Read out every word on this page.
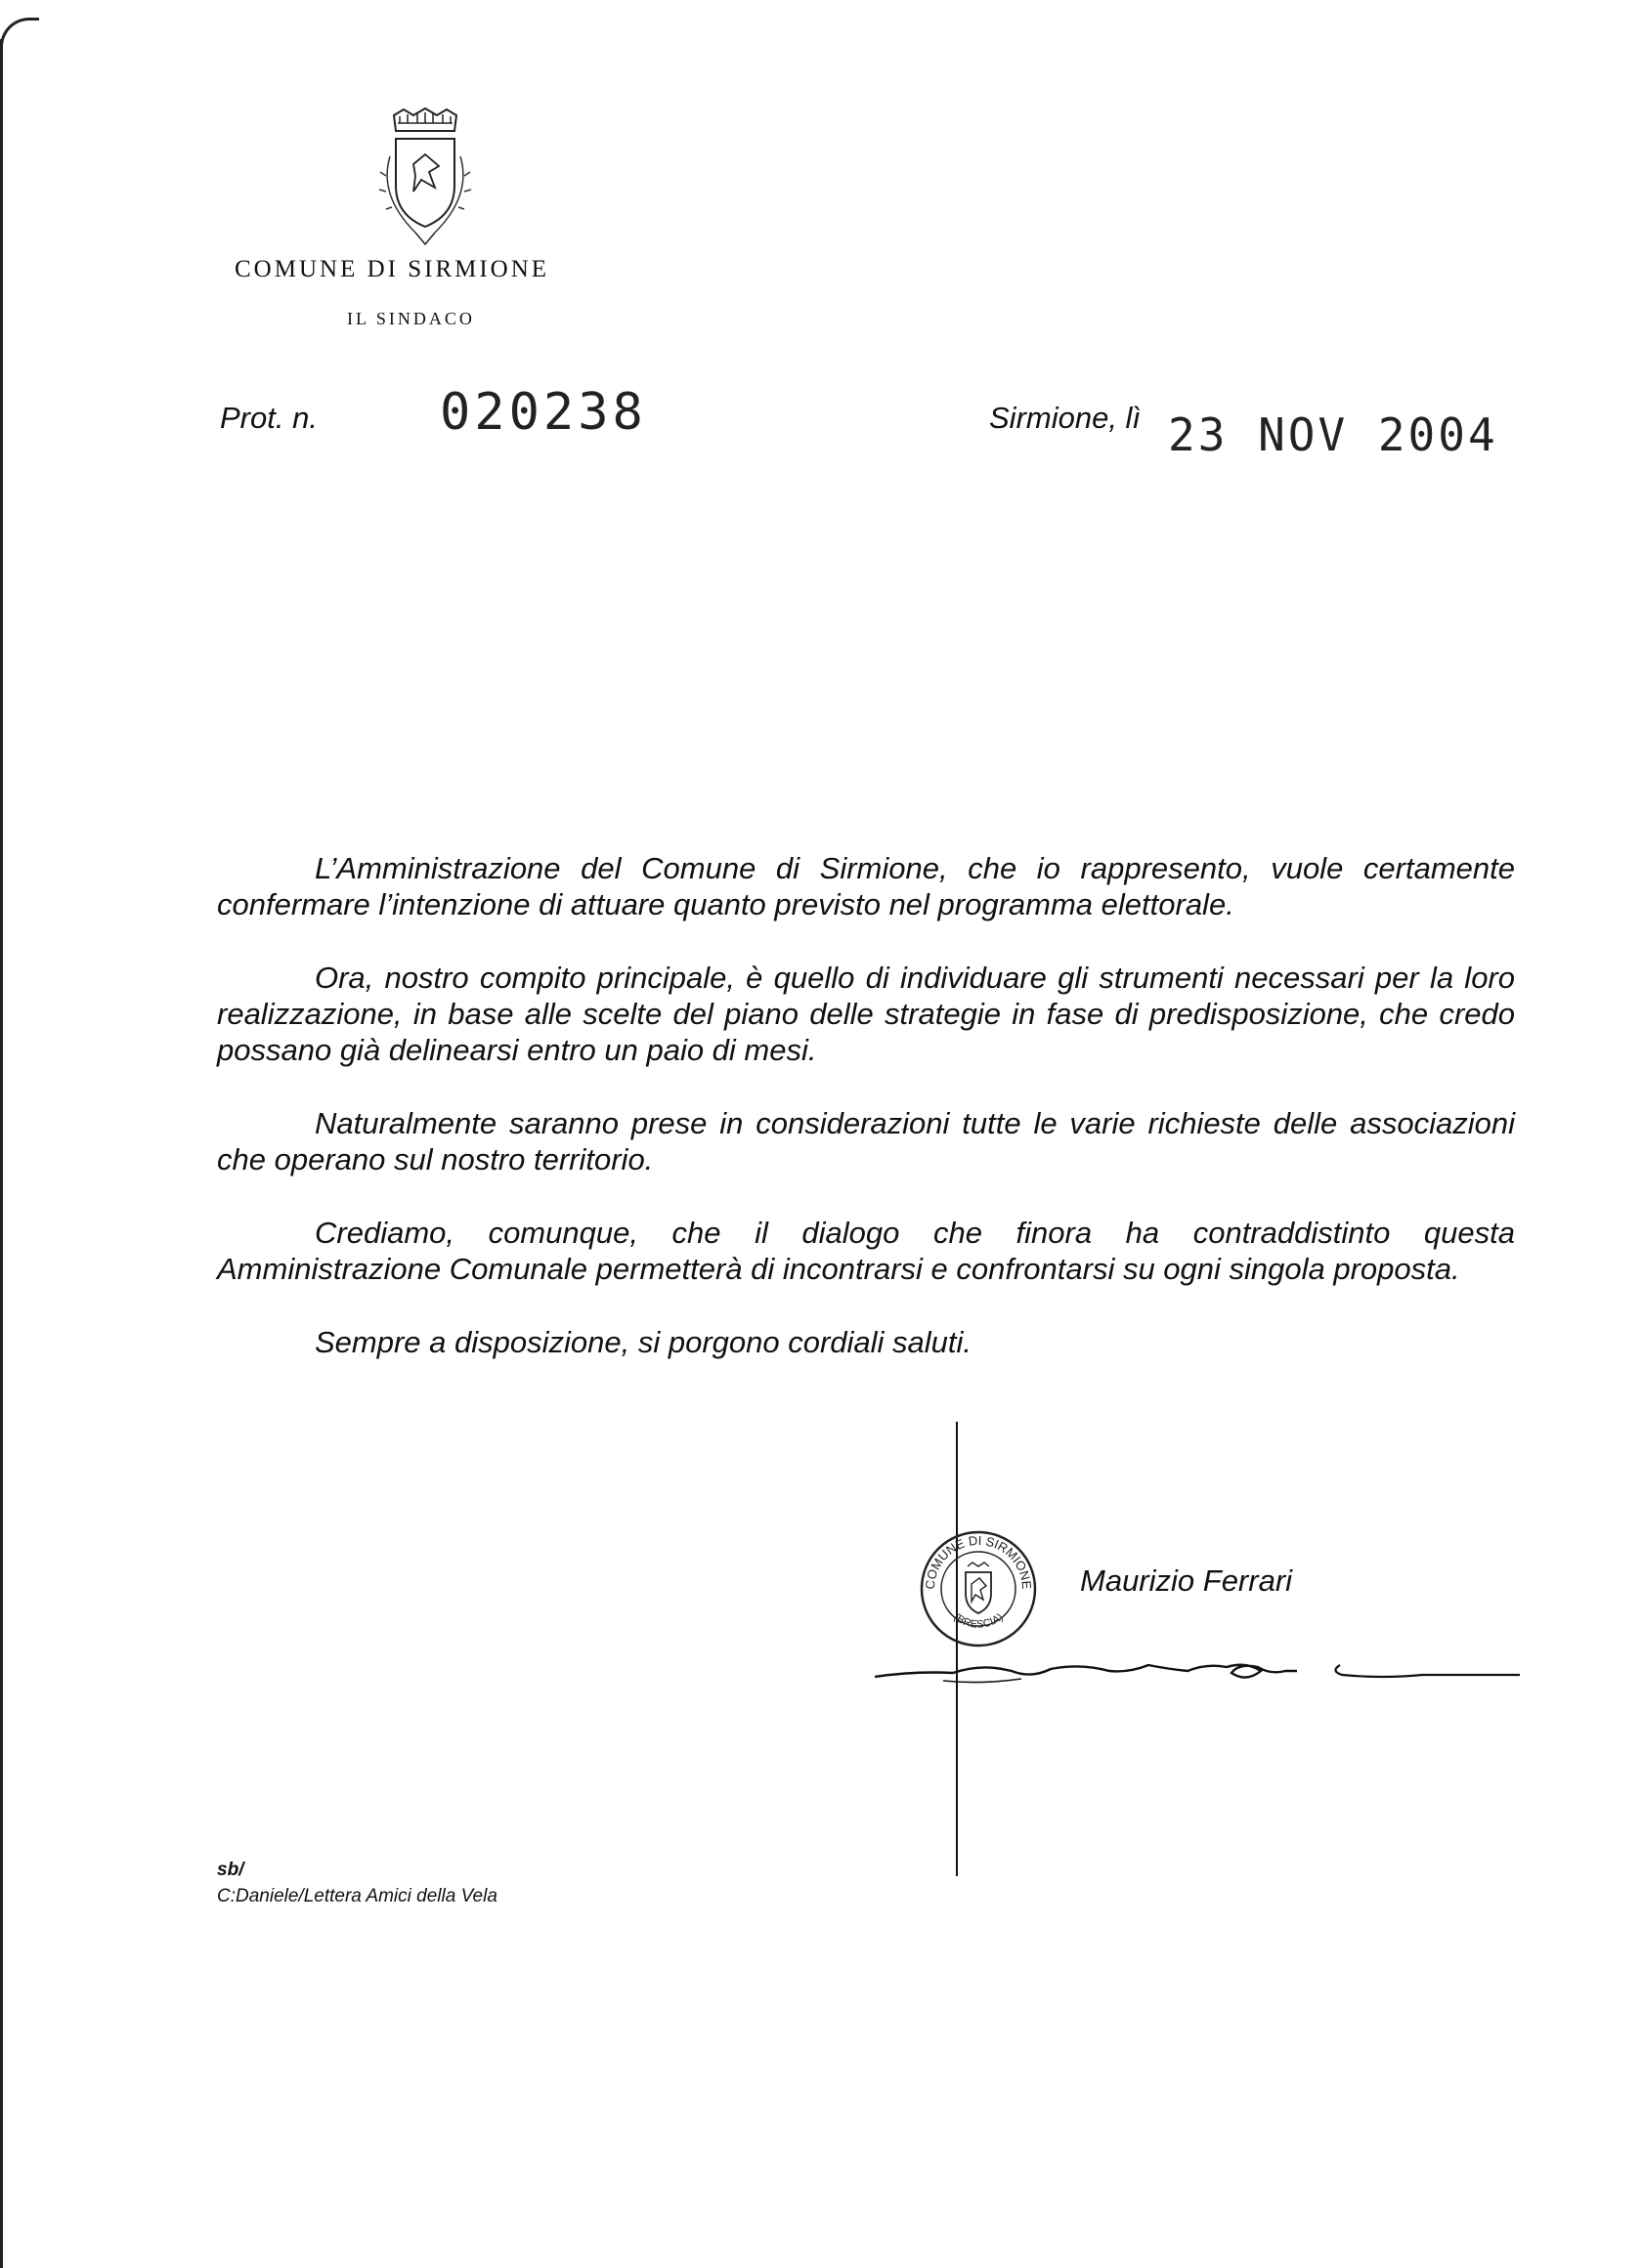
COMUNE DI SIRMIONE
IL SINDACO
Prot. n. 020238	Sirmione, lì 23 NOV 2004

L’Amministrazione del Comune di Sirmione, che io rappresento, vuole certamente confermare l’intenzione di attuare quanto previsto nel programma elettorale.

Ora, nostro compito principale, è quello di individuare gli strumenti necessari per la loro realizzazione, in base alle scelte del piano delle strategie in fase di predisposizione, che credo possano già delinearsi entro un paio di mesi.

Naturalmente saranno prese in considerazioni tutte le varie richieste delle associazioni che operano sul nostro territorio.

Crediamo, comunque, che il dialogo che finora ha contraddistinto questa Amministrazione Comunale permetterà di incontrarsi e confrontarsi su ogni singola proposta.

Sempre a disposizione, si porgono cordiali saluti.

COMUNE DI SIRMIONE
(BRESCIA)
Maurizio Ferrari
sb/
C:Daniele/Lettera Amici della Vela
